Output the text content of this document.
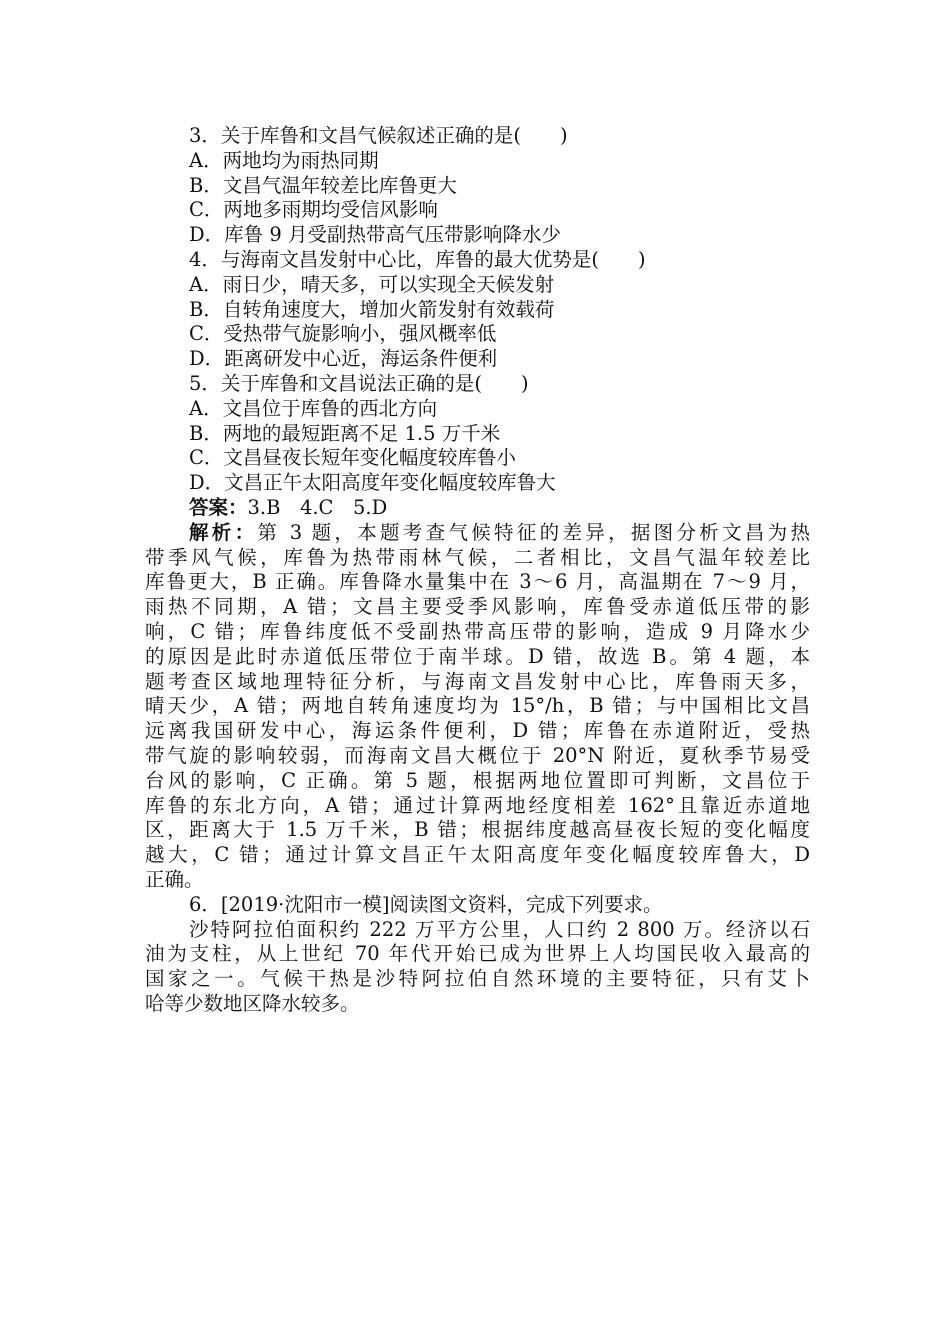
3．关于库鲁和文昌气候叙述正确的是(　　)
A．两地均为雨热同期
B．文昌气温年较差比库鲁更大
C．两地多雨期均受信风影响
D．库鲁 9 月受副热带高气压带影响降水少
4．与海南文昌发射中心比，库鲁的最大优势是(　　)
A．雨日少，晴天多，可以实现全天候发射
B．自转角速度大，增加火箭发射有效载荷
C．受热带气旋影响小，强风概率低
D．距离研发中心近，海运条件便利
5．关于库鲁和文昌说法正确的是(　　)
A．文昌位于库鲁的西北方向
B．两地的最短距离不足 1.5 万千米
C．文昌昼夜长短年变化幅度较库鲁小
D．文昌正午太阳高度年变化幅度较库鲁大
答案：3.B　4.C　5.D
解析：第 3 题，本题考查气候特征的差异，据图分析文昌为热
带季风气候，库鲁为热带雨林气候，二者相比，文昌气温年较差比
库鲁更大，B 正确。库鲁降水量集中在 3～6 月，高温期在 7～9 月，
雨热不同期，A 错；文昌主要受季风影响，库鲁受赤道低压带的影
响，C 错；库鲁纬度低不受副热带高压带的影响，造成 9 月降水少
的原因是此时赤道低压带位于南半球。D 错，故选 B。第 4 题，本
题考查区域地理特征分析，与海南文昌发射中心比，库鲁雨天多，
晴天少，A 错；两地自转角速度均为 15°/h，B 错；与中国相比文昌
远离我国研发中心，海运条件便利，D 错；库鲁在赤道附近，受热
带气旋的影响较弱，而海南文昌大概位于 20°N 附近，夏秋季节易受
台风的影响，C 正确。第 5 题，根据两地位置即可判断，文昌位于
库鲁的东北方向，A 错；通过计算两地经度相差 162°且靠近赤道地
区，距离大于 1.5 万千米，B 错；根据纬度越高昼夜长短的变化幅度
越大，C 错；通过计算文昌正午太阳高度年变化幅度较库鲁大，D
正确。
6．[2019·沈阳市一模]阅读图文资料，完成下列要求。
沙特阿拉伯面积约 222 万平方公里，人口约 2 800 万。经济以石
油为支柱，从上世纪 70 年代开始已成为世界上人均国民收入最高的
国家之一。气候干热是沙特阿拉伯自然环境的主要特征，只有艾卜
哈等少数地区降水较多。
